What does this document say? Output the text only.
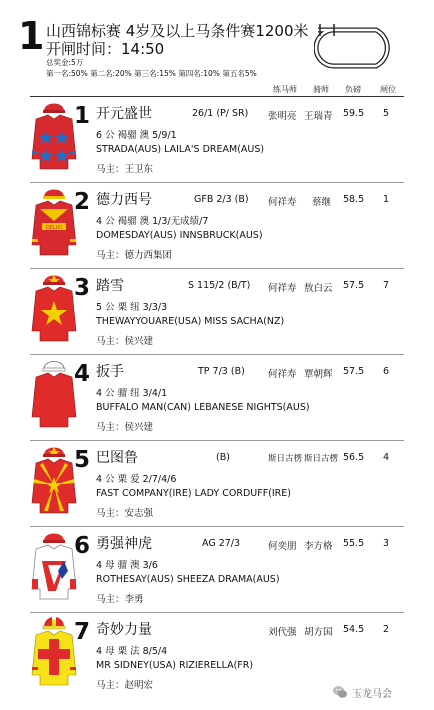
1 山西锦标赛 4岁及以上马条件赛1200米
开闸时间：14:50
总奖金:5万
第一名:50% 第二名:20% 第三名:15% 第四名:10% 第五名5%
练马师 骑师 负磅 闸位
1 开元盛世	26/1 (P/ SR) 张明亮 王瑞青 59.5 5
6 公 褐骝 澳 5/9/1
STRADA(AUS) LAILA'S DREAM(AUS)
马主：王卫东
DELIXI
2 德力西号	GFB 2/3 (B) 何祥寿 蔡继 58.5 1
4 公 褐骝 澳 1/3/无成绩/7
DOMESDAY(AUS) INNSBRUCK(AUS)
马主：德力西集团
3 踏雪	S 115/2 (B/T) 何祥寿 敖白云 57.5 7
5 公 栗 纽 3/3/3
THEWAYYOUARE(USA) MISS SACHA(NZ)
马主：侯兴建
4 扳手	TP 7/3 (B) 何祥寿 覃朝辉 57.5 6
4 公 骝 纽 3/4/1
BUFFALO MAN(CAN) LEBANESE NIGHTS(AUS)
马主：侯兴建
5 巴图鲁	(B)	斯日古楞 斯日古楞 56.5 4
4 公 栗 爱 2/7/4/6
FAST COMPANY(IRE) LADY CORDUFF(IRE)
马主：安志强
6 勇强神虎	AG 27/3	何奕朋 李方格 55.5 3
4 母 骝 澳 3/6
ROTHESAY(AUS) SHEEZA DRAMA(AUS)
马主：李勇
7 奇妙力量	刘代强 胡方国 54.5 2
4 母 栗 法 8/5/4
MR SIDNEY(USA) RIZIERELLA(FR)
马主：赵明宏
玉龙马会
